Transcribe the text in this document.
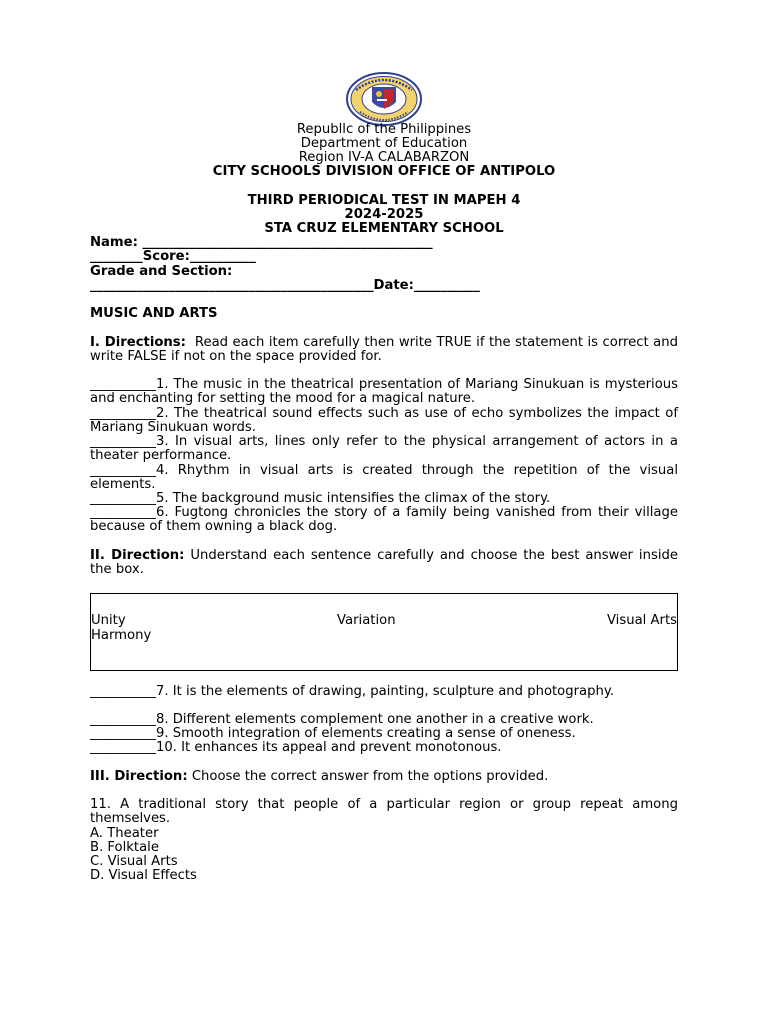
Republlc of the Philippines
Department of Education
Region IV-A CALABARZON
CITY SCHOOLS DIVISION OFFICE OF ANTIPOLO
THIRD PERIODICAL TEST IN MAPEH 4
2024-2025
STA CRUZ ELEMENTARY SCHOOL
Name: ____________________________________________
________Score:__________
Grade and Section:
___________________________________________Date:__________
MUSIC AND ARTS
I. Directions: Read each item carefully then write TRUE if the statement is correct and write FALSE if not on the space provided for.
__________1. The music in the theatrical presentation of Mariang Sinukuan is mysterious and enchanting for setting the mood for a magical nature.
__________2. The theatrical sound effects such as use of echo symbolizes the impact of Mariang Sinukuan words.
__________3. In visual arts, lines only refer to the physical arrangement of actors in a theater performance.
__________4. Rhythm in visual arts is created through the repetition of the visual elements.
__________5. The background music intensifies the climax of the story.
__________6. Fugtong chronicles the story of a family being vanished from their village because of them owning a black dog.
II. Direction: Understand each sentence carefully and choose the best answer inside the box.
Unity	Variation	Visual Arts
Harmony
__________7. It is the elements of drawing, painting, sculpture and photography.
__________8. Different elements complement one another in a creative work.
__________9. Smooth integration of elements creating a sense of oneness.
__________10. It enhances its appeal and prevent monotonous.
III. Direction: Choose the correct answer from the options provided.
11. A traditional story that people of a particular region or group repeat among themselves.
A. Theater
B. Folktale
C. Visual Arts
D. Visual Effects
